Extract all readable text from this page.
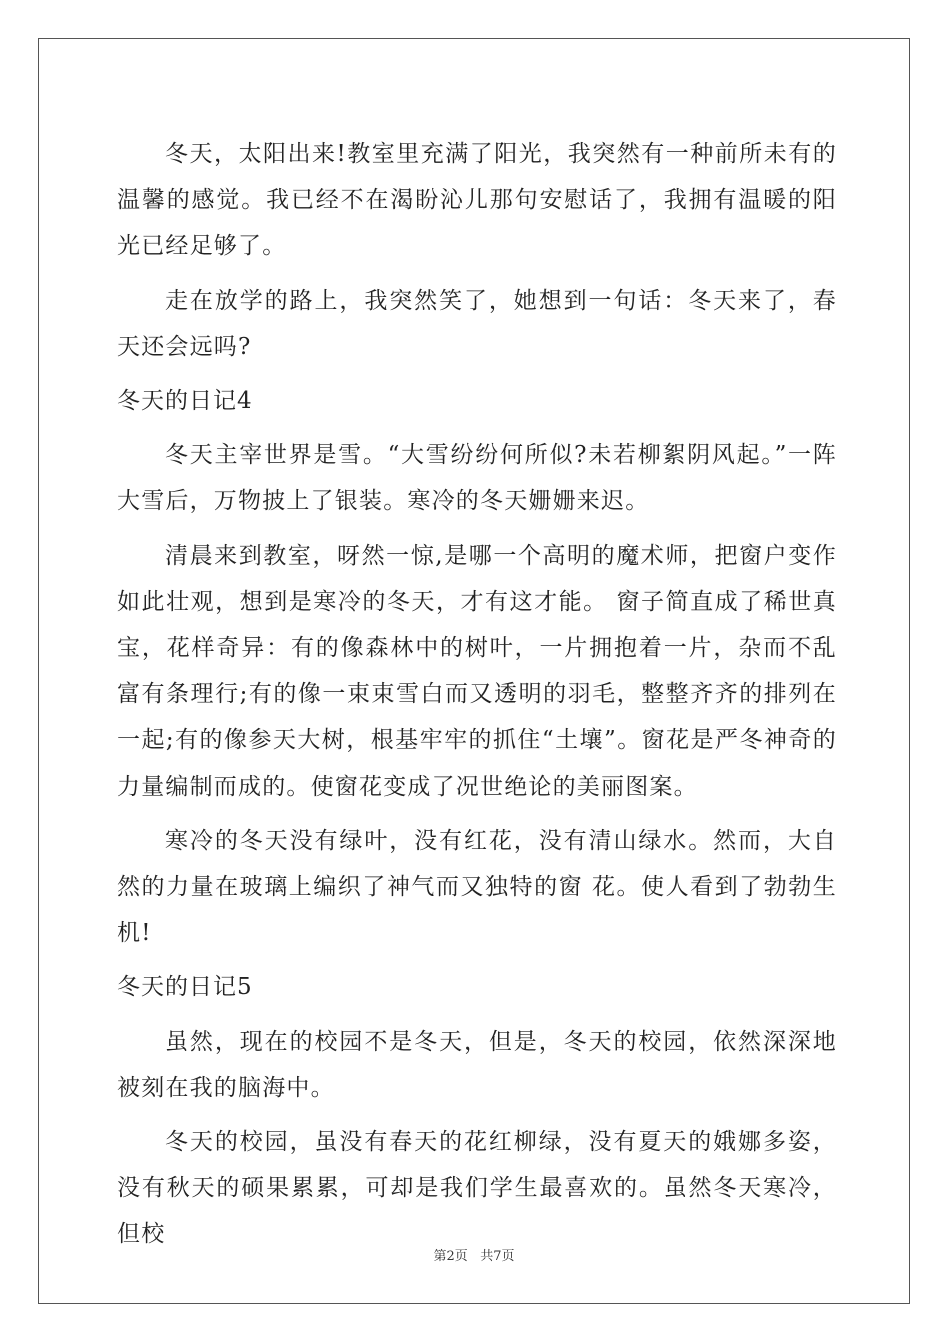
冬天，太阳出来!教室里充满了阳光，我突然有一种前所未有的温馨的感觉。我已经不在渴盼沁儿那句安慰话了，我拥有温暖的阳光已经足够了。

走在放学的路上，我突然笑了，她想到一句话：冬天来了，春天还会远吗?

冬天的日记4

冬天主宰世界是雪。“大雪纷纷何所似?未若柳絮阴风起。”一阵大雪后，万物披上了银装。寒冷的冬天姗姗来迟。

清晨来到教室，呀然一惊,是哪一个高明的魔术师，把窗户变作如此壮观，想到是寒冷的冬天，才有这才能。 窗子简直成了稀世真宝，花样奇异：有的像森林中的树叶，一片拥抱着一片，杂而不乱富有条理行;有的像一束束雪白而又透明的羽毛，整整齐齐的排列在一起;有的像参天大树，根基牢牢的抓住“土壤”。窗花是严冬神奇的力量编制而成的。使窗花变成了况世绝论的美丽图案。

寒冷的冬天没有绿叶，没有红花，没有清山绿水。然而，大自然的力量在玻璃上编织了神气而又独特的窗 花。使人看到了勃勃生机!

冬天的日记5

虽然，现在的校园不是冬天，但是，冬天的校园，依然深深地被刻在我的脑海中。

冬天的校园，虽没有春天的花红柳绿，没有夏天的娥娜多姿，没有秋天的硕果累累，可却是我们学生最喜欢的。虽然冬天寒冷，但校

第2页 共7页
